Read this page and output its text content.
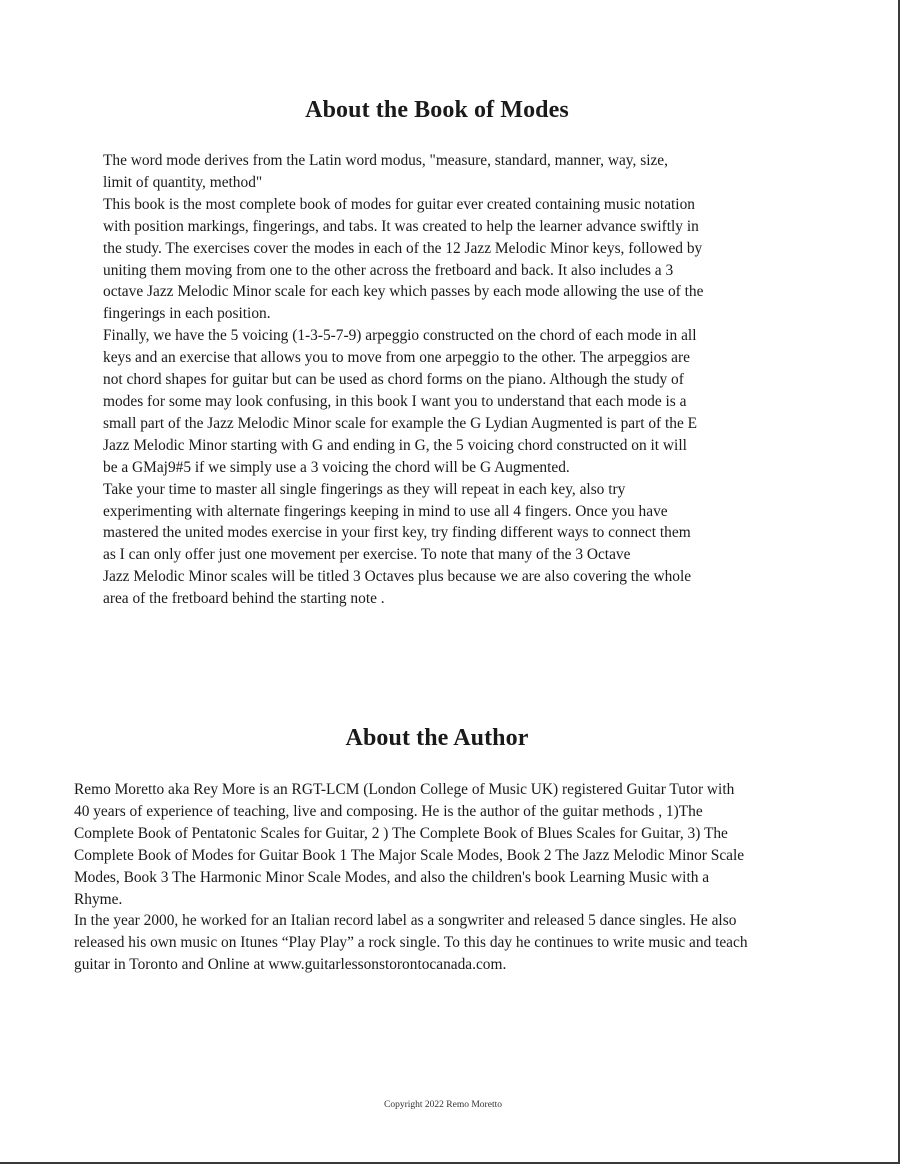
About the Book of Modes
The word mode derives from the Latin word modus, "measure, standard, manner, way, size,
limit of quantity, method"
This book is the most complete book of modes for guitar ever created containing music notation
with position markings, fingerings, and tabs. It was created to help the learner advance swiftly in
the study. The exercises cover the modes in each of the 12 Jazz Melodic Minor keys, followed by
uniting them moving from one to the other across the fretboard and back. It also includes a 3
octave Jazz Melodic Minor scale for each key which passes by each mode allowing the use of the
fingerings in each position.
Finally, we have the 5 voicing (1-3-5-7-9) arpeggio constructed on the chord of each mode in all
keys and an exercise that allows you to move from one arpeggio to the other. The arpeggios are
not chord shapes for guitar but can be used as chord forms on the piano. Although the study of
modes for some may look confusing, in this book I want you to understand that each mode is a
small part of the Jazz Melodic Minor scale for example the G Lydian Augmented is part of the E
Jazz Melodic Minor starting with G and ending in G, the 5 voicing chord constructed on it will
be a GMaj9#5 if we simply use a 3 voicing the chord will be G Augmented.
Take your time to master all single fingerings as they will repeat in each key, also try
experimenting with alternate fingerings keeping in mind to use all 4 fingers. Once you have
mastered the united modes exercise in your first key, try finding different ways to connect them
as I can only offer just one movement per exercise. To note that many of the 3 Octave
Jazz Melodic Minor scales will be titled 3 Octaves plus because we are also covering the whole
area of the fretboard behind the starting note .
About the Author
Remo Moretto aka Rey More is an RGT-LCM (London College of Music UK) registered Guitar Tutor with
40 years of experience of teaching, live and composing. He is the author of the guitar methods , 1)The
Complete Book of Pentatonic Scales for Guitar, 2 ) The Complete Book of Blues Scales for Guitar, 3) The
Complete Book of Modes for Guitar Book 1 The Major Scale Modes, Book 2 The Jazz Melodic Minor Scale
Modes, Book 3 The Harmonic Minor Scale Modes, and also the children's book Learning Music with a
Rhyme.
In the year 2000, he worked for an Italian record label as a songwriter and released 5 dance singles. He also
released his own music on Itunes “Play Play” a rock single. To this day he continues to write music and teach
guitar in Toronto and Online at www.guitarlessonstorontocanada.com.
Copyright 2022 Remo Moretto
